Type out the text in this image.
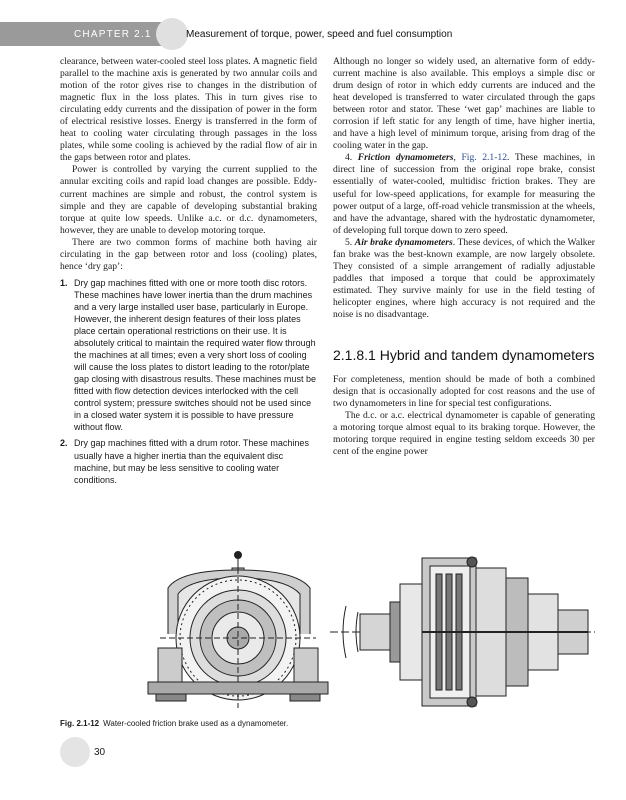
CHAPTER 2.1	Measurement of torque, power, speed and fuel consumption

clearance, between water-cooled steel loss plates. A magnetic field parallel to the machine axis is generated by two annular coils and motion of the rotor gives rise to changes in the distribution of magnetic flux in the loss plates. This in turn gives rise to circulating eddy currents and the dissipation of power in the form of electrical resistive losses. Energy is transferred in the form of heat to cooling water circulating through passages in the loss plates, while some cooling is achieved by the radial flow of air in the gaps between rotor and plates.

Power is controlled by varying the current supplied to the annular exciting coils and rapid load changes are possible. Eddy-current machines are simple and robust, the control system is simple and they are capable of developing substantial braking torque at quite low speeds. Unlike a.c. or d.c. dynamometers, however, they are unable to develop motoring torque.

There are two common forms of machine both having air circulating in the gap between rotor and loss (cooling) plates, hence ‘dry gap’:

1. Dry gap machines fitted with one or more tooth disc rotors. These machines have lower inertia than the drum machines and a very large installed user base, particularly in Europe. However, the inherent design features of their loss plates place certain operational restrictions on their use. It is absolutely critical to maintain the required water flow through the machines at all times; even a very short loss of cooling will cause the loss plates to distort leading to the rotor/plate gap closing with disastrous results. These machines must be fitted with flow detection devices interlocked with the cell control system; pressure switches should not be used since in a closed water system it is possible to have pressure without flow.
2. Dry gap machines fitted with a drum rotor. These machines usually have a higher inertia than the equivalent disc machine, but may be less sensitive to cooling water conditions.

Although no longer so widely used, an alternative form of eddy-current machine is also available. This employs a simple disc or drum design of rotor in which eddy currents are induced and the heat developed is transferred to water circulated through the gaps between rotor and stator. These ‘wet gap’ machines are liable to corrosion if left static for any length of time, have higher inertia, and have a high level of minimum torque, arising from drag of the cooling water in the gap.

4. Friction dynamometers, Fig. 2.1-12. These machines, in direct line of succession from the original rope brake, consist essentially of water-cooled, multidisc friction brakes. They are useful for low-speed applications, for example for measuring the power output of a large, off-road vehicle transmission at the wheels, and have the advantage, shared with the hydrostatic dynamometer, of developing full torque down to zero speed.

5. Air brake dynamometers. These devices, of which the Walker fan brake was the best-known example, are now largely obsolete. They consisted of a simple arrangement of radially adjustable paddles that imposed a torque that could be approximately estimated. They survive mainly for use in the field testing of helicopter engines, where high accuracy is not required and the noise is no disadvantage.

2.1.8.1 Hybrid and tandem dynamometers

For completeness, mention should be made of both a combined design that is occasionally adopted for cost reasons and the use of two dynamometers in line for special test configurations.

The d.c. or a.c. electrical dynamometer is capable of generating a motoring torque almost equal to its braking torque. However, the motoring torque required in engine testing seldom exceeds 30 per cent of the engine power

Fig. 2.1-12 Water-cooled friction brake used as a dynamometer.
30
